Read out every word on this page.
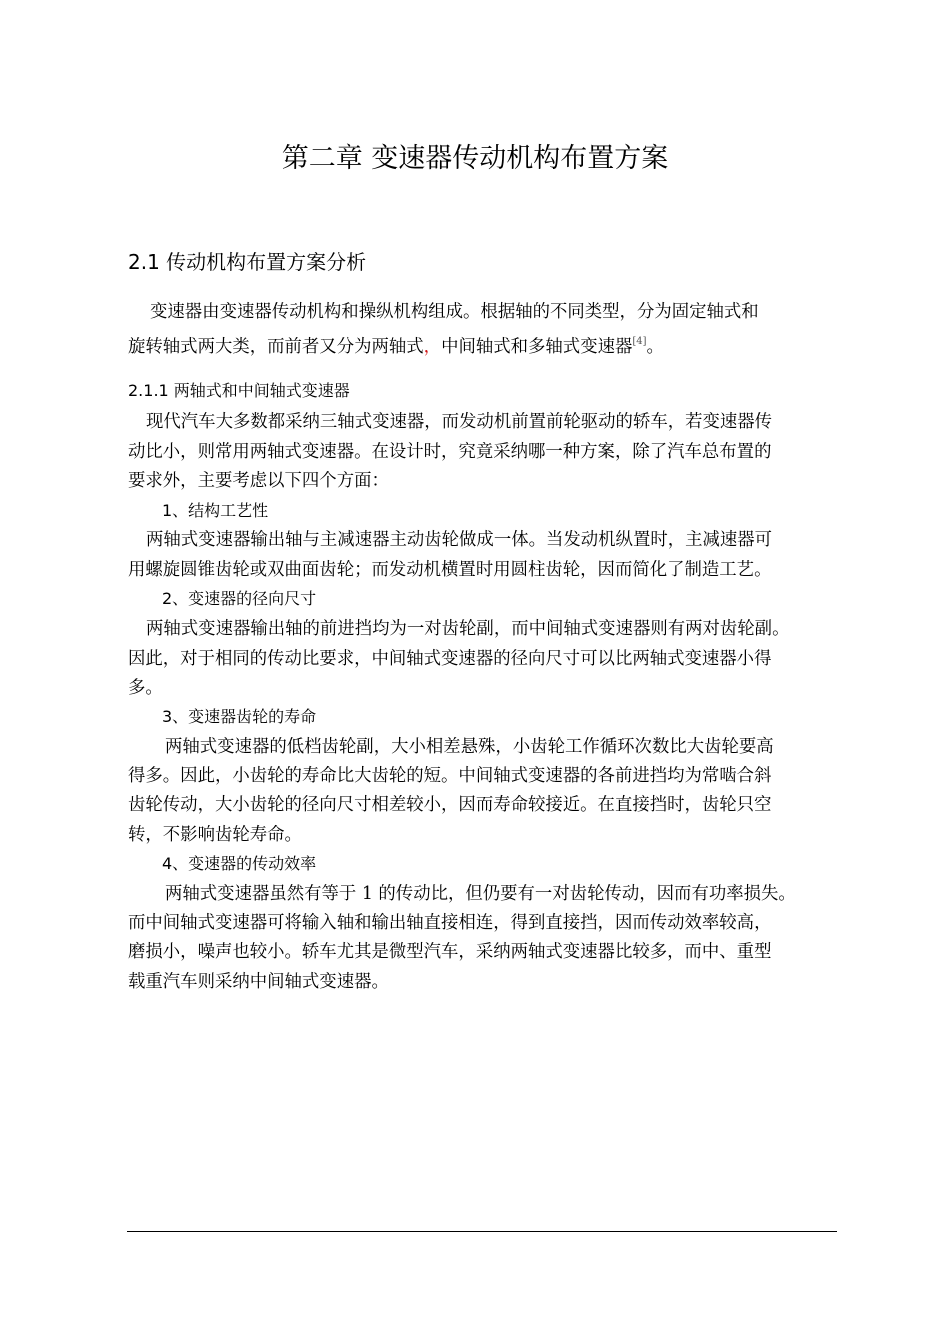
第二章 变速器传动机构布置方案
2.1 传动机构布置方案分析
变速器由变速器传动机构和操纵机构组成。根据轴的不同类型，分为固定轴式和
旋转轴式两大类，而前者又分为两轴式，中间轴式和多轴式变速器[4]。
2.1.1 两轴式和中间轴式变速器
现代汽车大多数都采纳三轴式变速器，而发动机前置前轮驱动的轿车，若变速器传
动比小，则常用两轴式变速器。在设计时，究竟采纳哪一种方案，除了汽车总布置的
要求外，主要考虑以下四个方面：
1、结构工艺性
两轴式变速器输出轴与主减速器主动齿轮做成一体。当发动机纵置时，主减速器可
用螺旋圆锥齿轮或双曲面齿轮；而发动机横置时用圆柱齿轮，因而简化了制造工艺。
2、变速器的径向尺寸
两轴式变速器输出轴的前进挡均为一对齿轮副，而中间轴式变速器则有两对齿轮副。
因此，对于相同的传动比要求，中间轴式变速器的径向尺寸可以比两轴式变速器小得
多。
3、变速器齿轮的寿命
两轴式变速器的低档齿轮副，大小相差悬殊，小齿轮工作循环次数比大齿轮要高
得多。因此，小齿轮的寿命比大齿轮的短。中间轴式变速器的各前进挡均为常啮合斜
齿轮传动，大小齿轮的径向尺寸相差较小，因而寿命较接近。在直接挡时，齿轮只空
转，不影响齿轮寿命。
4、变速器的传动效率
两轴式变速器虽然有等于 1 的传动比，但仍要有一对齿轮传动，因而有功率损失。
而中间轴式变速器可将输入轴和输出轴直接相连，得到直接挡，因而传动效率较高，
磨损小，噪声也较小。轿车尤其是微型汽车，采纳两轴式变速器比较多，而中、重型
载重汽车则采纳中间轴式变速器。
